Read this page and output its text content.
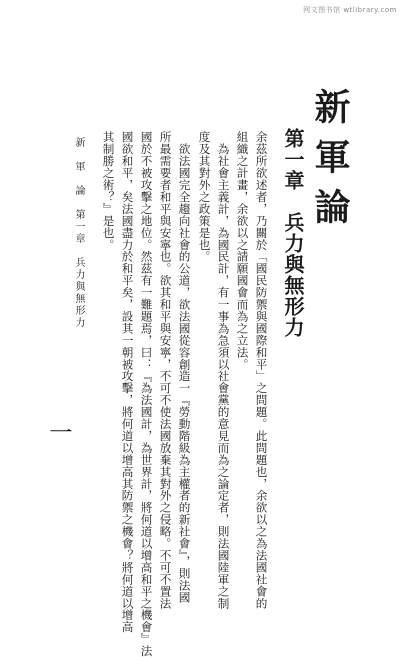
网文图书馆 wtlibrary.com
新軍論
第一章　兵力與無形力
余茲所欲述者，乃關於「國民防禦與國際和平」之問題。此問題也，余欲以之為法國社會的
組織之計畫，余欲以之請願國會而為之立法。
　為社會主義計，為國民計，有一事為急須以社會黨的意見而為之論定者，則法國陸軍之制
度及其對外之政策是也。
　欲法國完全趨向社會的公道，欲法國從容創造一『勞動階級為主權者的新社會』，則法國
所最需要者和平與安寧也。欲其和平與安寧，不可不使法國放棄其對外之侵略。不可不置法
國於不被攻擊之地位。然茲有一難題焉，曰：『為法國計，為世界計，將何道以增高和平之機會』法
國欲和平，矣法國盡力於和平矣，設其一朝被攻擊，將何道以增高其防禦之機會？將何道以增高
其制勝之術？』是也。
新　軍　論　第一章　兵力與無形力
一
